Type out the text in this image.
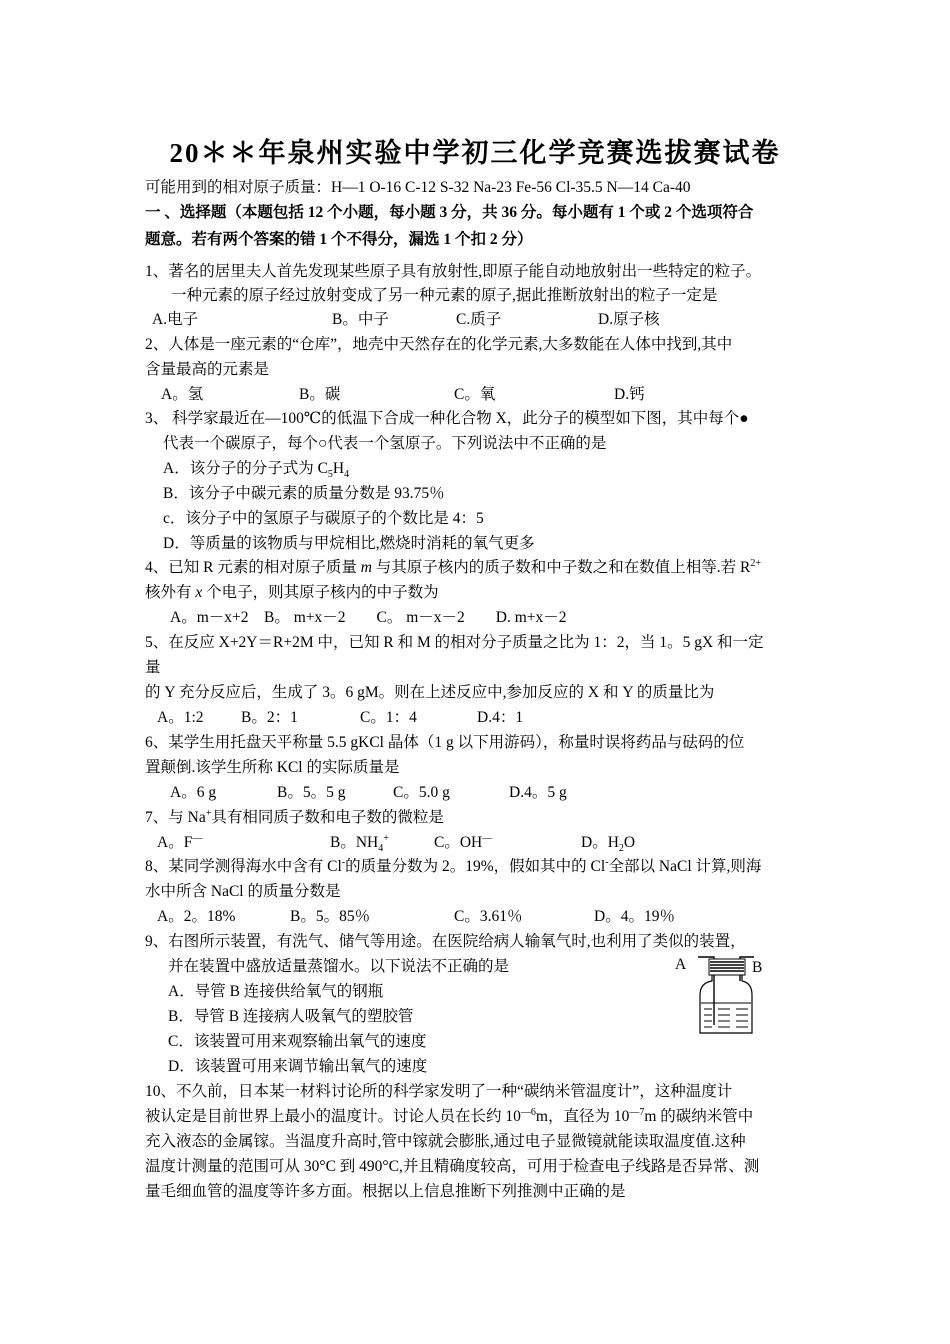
20＊＊年泉州实验中学初三化学竞赛选拔赛试卷
可能用到的相对原子质量：H—1 O-16 C-12 S-32 Na-23 Fe-56 Cl-35.5 N—14 Ca-40
一 、选择题（本题包括 12 个小题，每小题 3 分，共 36 分。每小题有 1 个或 2 个选项符合
题意。若有两个答案的错 1 个不得分，漏选 1 个扣 2 分）
1、著名的居里夫人首先发现某些原子具有放射性,即原子能自动地放射出一些特定的粒子。
一种元素的原子经过放射变成了另一种元素的原子,据此推断放射出的粒子一定是
A.电子	B。中子	C.质子	D.原子核
2、人体是一座元素的“仓库”，地壳中天然存在的化学元素,大多数能在人体中找到,其中
含量最高的元素是
A。氢	B。碳	C。氧	D.钙
3、 科学家最近在—100℃的低温下合成一种化合物 X，此分子的模型如下图，其中每个●
代表一个碳原子，每个○代表一个氢原子。下列说法中不正确的是
A．该分子的分子式为 $C_5H_4$
B．该分子中碳元素的质量分数是 93.75％
c．该分子中的氢原子与碳原子的个数比是 4：5
D．等质量的该物质与甲烷相比,燃烧时消耗的氧气更多
4、已知 R 元素的相对原子质量 m 与其原子核内的质子数和中子数之和在数值上相等.若 $R^{2+}$
核外有 x 个电子，则其原子核内的中子数为
A。m－x+2　B。 m+x－2　　C。 m－x－2　　D. m+x－2
5、在反应 X+2Y＝R+2M 中，已知 R 和 M 的相对分子质量之比为 1：2，当 1。5 gX 和一定
量
的 Y 充分反应后，生成了 3。6 gM。则在上述反应中,参加反应的 X 和 Y 的质量比为
A。1:2 B。2：1	C。1：4	D.4：1
6、某学生用托盘天平称量 5.5 gKCl 晶体（1 g 以下用游码），称量时误将药品与砝码的位
置颠倒.该学生所称 KCl 的实际质量是
A。6 g	B。5。5 g	C。5.0 g	D.4。5 g
7、与 Na+具有相同质子数和电子数的微粒是
A。F—	B。$NH_4^+$	C。OH—	D。$H_2O$
8、某同学测得海水中含有 Cl-的质量分数为 2。19%，假如其中的 Cl-全部以 NaCl 计算,则海
水中所含 NaCl 的质量分数是
A。2。18%	B。5。85％	C。3.61％	D。4。19％
9、右图所示装置，有洗气、储气等用途。在医院给病人输氧气时,也利用了类似的装置，
并在装置中盛放适量蒸馏水。以下说法不正确的是	A	B
A．导管 B 连接供给氧气的钢瓶
B．导管 B 连接病人吸氧气的塑胶管
C．该装置可用来观察输出氧气的速度
D．该装置可用来调节输出氧气的速度
10、不久前，日本某一材料讨论所的科学家发明了一种“碳纳米管温度计”，这种温度计
被认定是目前世界上最小的温度计。讨论人员在长约 $10^{—6}m$，直径为 $10^{—7}m$ 的碳纳米管中
充入液态的金属镓。当温度升高时,管中镓就会膨胀,通过电子显微镜就能读取温度值.这种
温度计测量的范围可从 30°C 到 490°C,并且精确度较高，可用于检查电子线路是否异常、测
量毛细血管的温度等许多方面。根据以上信息推断下列推测中正确的是
